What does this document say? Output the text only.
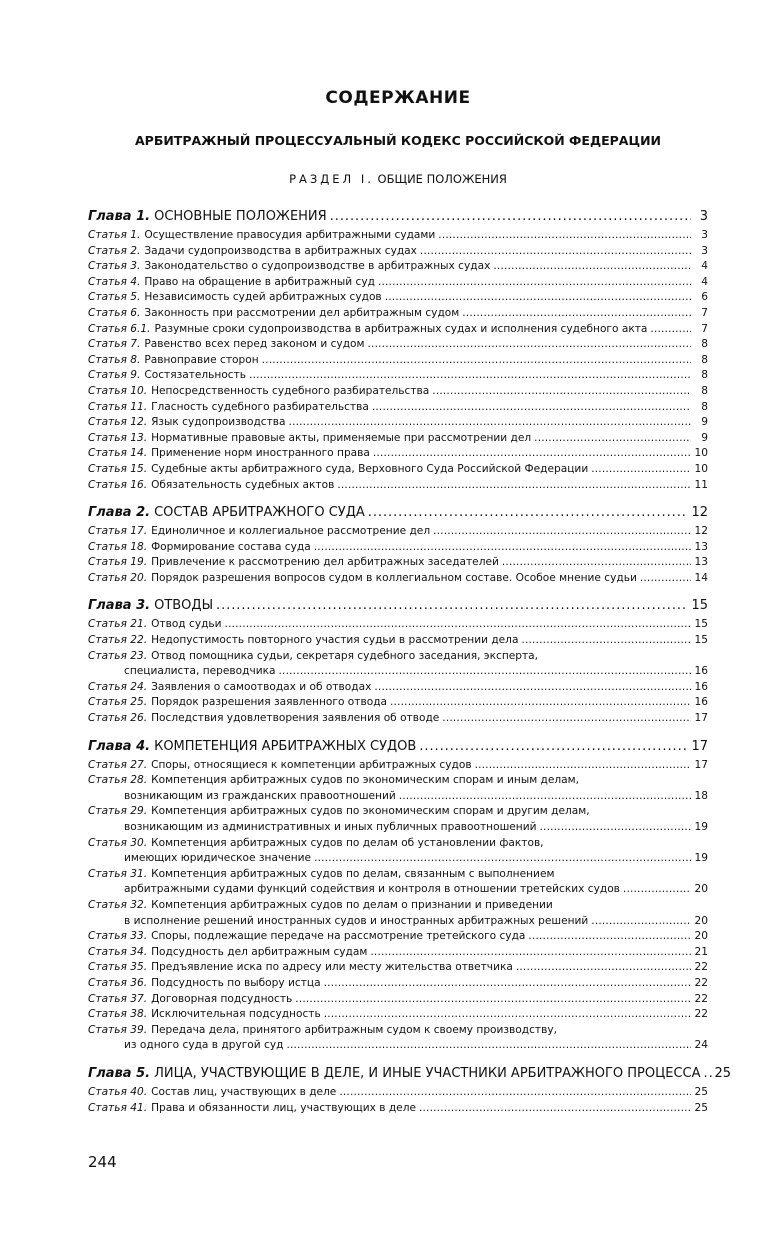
СОДЕРЖАНИЕ
АРБИТРАЖНЫЙ ПРОЦЕССУАЛЬНЫЙ КОДЕКС РОССИЙСКОЙ ФЕДЕРАЦИИ
РАЗДЕЛ I. ОБЩИЕ ПОЛОЖЕНИЯ
Глава 1. ОСНОВНЫЕ ПОЛОЖЕНИЯ . . .	3
Статья 1. Осуществление правосудия арбитражными судами . . .	3
Статья 2. Задачи судопроизводства в арбитражных судах . . .	3
Статья 3. Законодательство о судопроизводстве в арбитражных судах . . .	4
Статья 4. Право на обращение в арбитражный суд . . .	4
Статья 5. Независимость судей арбитражных судов . . .	6
Статья 6. Законность при рассмотрении дел арбитражным судом . . .	7
Статья 6.1. Разумные сроки судопроизводства в арбитражных судах и исполнения судебного акта . . .	7
Статья 7. Равенство всех перед законом и судом . . .	8
Статья 8. Равноправие сторон . . .	8
Статья 9. Состязательность . . .	8
Статья 10. Непосредственность судебного разбирательства . . .	8
Статья 11. Гласность судебного разбирательства . . .	8
Статья 12. Язык судопроизводства . . .	9
Статья 13. Нормативные правовые акты, применяемые при рассмотрении дел . . .	9
Статья 14. Применение норм иностранного права . . .	10
Статья 15. Судебные акты арбитражного суда, Верховного Суда Российской Федерации . . .	10
Статья 16. Обязательность судебных актов . . .	11
Глава 2. СОСТАВ АРБИТРАЖНОГО СУДА . . .	12
Статья 17. Единоличное и коллегиальное рассмотрение дел . . .	12
Статья 18. Формирование состава суда . . .	13
Статья 19. Привлечение к рассмотрению дел арбитражных заседателей . . .	13
Статья 20. Порядок разрешения вопросов судом в коллегиальном составе. Особое мнение судьи . . .	14
Глава 3. ОТВОДЫ . . .	15
Статья 21. Отвод судьи . . .	15
Статья 22. Недопустимость повторного участия судьи в рассмотрении дела . . .	15
Статья 23. Отвод помощника судьи, секретаря судебного заседания, эксперта,
специалиста, переводчика . . .	16
Статья 24. Заявления о самоотводах и об отводах . . .	16
Статья 25. Порядок разрешения заявленного отвода . . .	16
Статья 26. Последствия удовлетворения заявления об отводе . . .	17
Глава 4. КОМПЕТЕНЦИЯ АРБИТРАЖНЫХ СУДОВ . . .	17
Статья 27. Споры, относящиеся к компетенции арбитражных судов . . .	17
Статья 28. Компетенция арбитражных судов по экономическим спорам и иным делам,
возникающим из гражданских правоотношений . . .	18
Статья 29. Компетенция арбитражных судов по экономическим спорам и другим делам,
возникающим из административных и иных публичных правоотношений . . .	19
Статья 30. Компетенция арбитражных судов по делам об установлении фактов,
имеющих юридическое значение . . .	19
Статья 31. Компетенция арбитражных судов по делам, связанным с выполнением
арбитражными судами функций содействия и контроля в отношении третейских судов . . .	20
Статья 32. Компетенция арбитражных судов по делам о признании и приведении
в исполнение решений иностранных судов и иностранных арбитражных решений . . .	20
Статья 33. Споры, подлежащие передаче на рассмотрение третейского суда . . .	20
Статья 34. Подсудность дел арбитражным судам . . .	21
Статья 35. Предъявление иска по адресу или месту жительства ответчика . . .	22
Статья 36. Подсудность по выбору истца . . .	22
Статья 37. Договорная подсудность . . .	22
Статья 38. Исключительная подсудность . . .	22
Статья 39. Передача дела, принятого арбитражным судом к своему производству,
из одного суда в другой суд . . .	24
Глава 5. ЛИЦА, УЧАСТВУЮЩИЕ В ДЕЛЕ, И ИНЫЕ УЧАСТНИКИ АРБИТРАЖНОГО ПРОЦЕССА . . . 25
Статья 40. Состав лиц, участвующих в деле . . .	25
Статья 41. Права и обязанности лиц, участвующих в деле . . .	25
244
